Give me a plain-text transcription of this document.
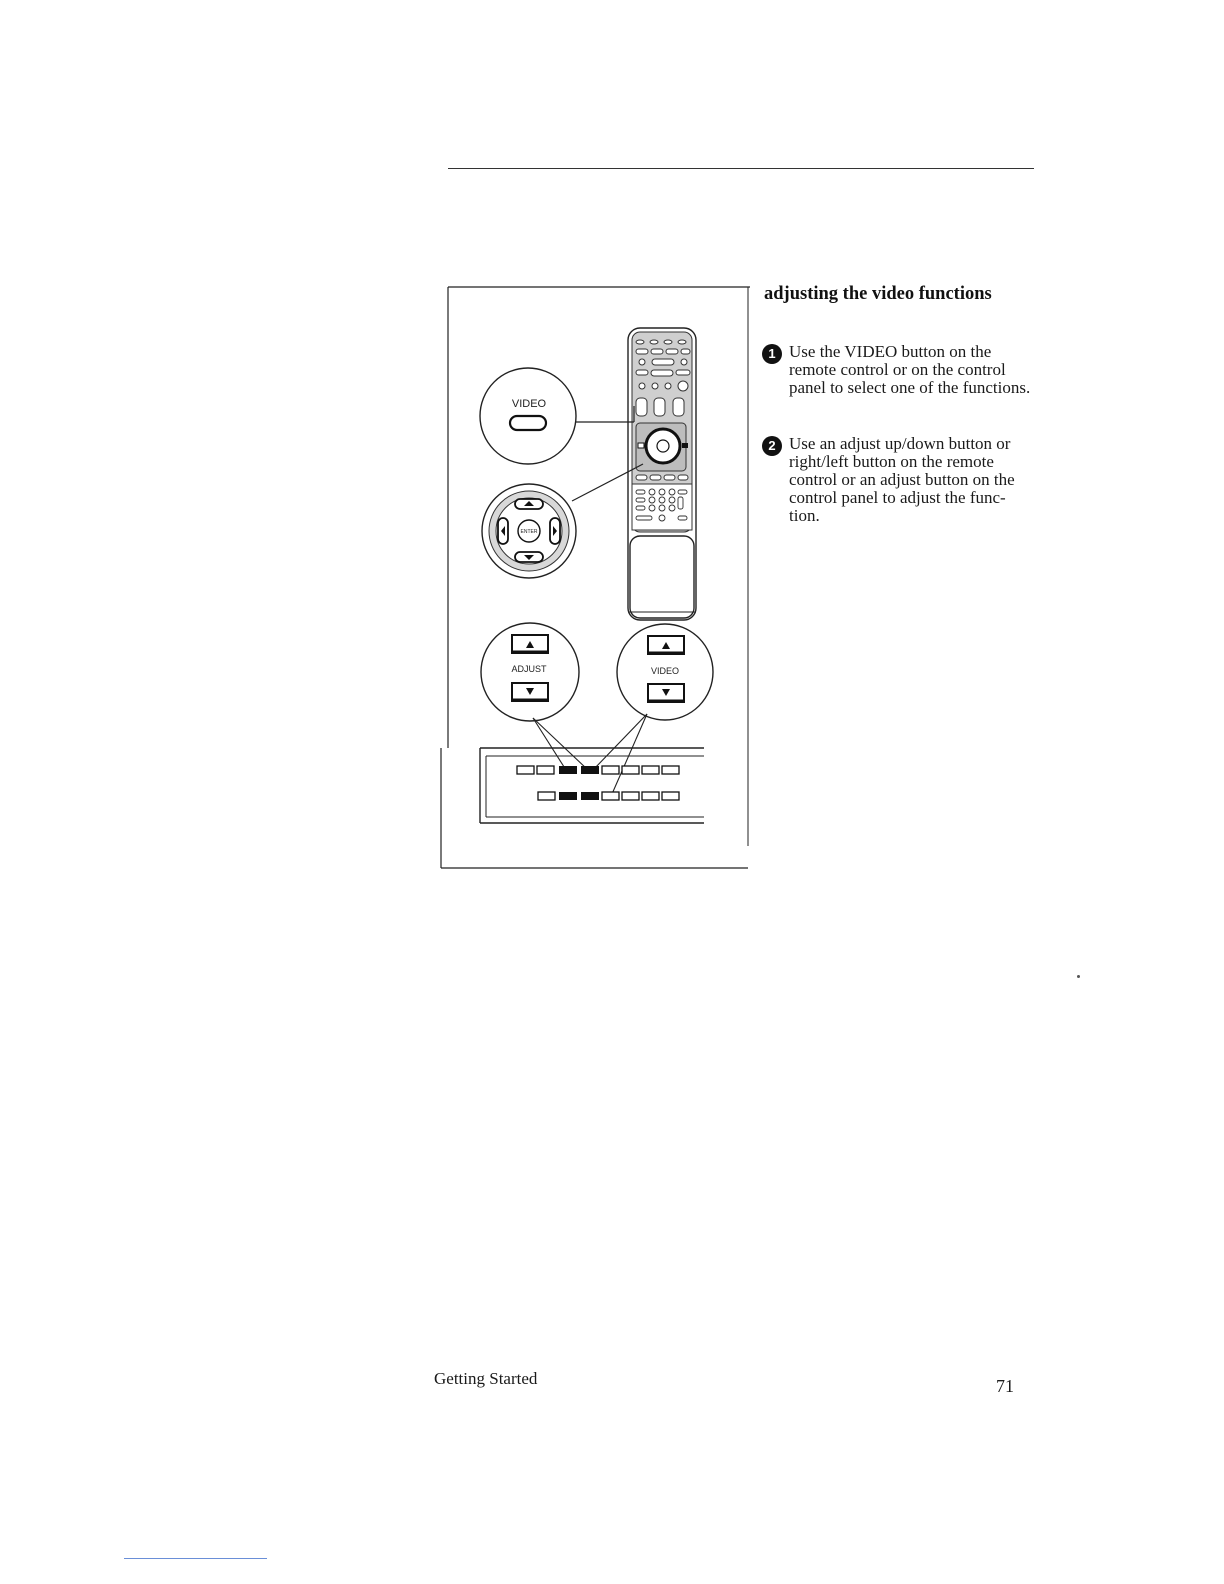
VIDEO
ENTER
ADJUST	VIDEO
adjusting the video functions
1 Use the VIDEO button on the remote control or on the control panel to select one of the functions.

2 Use an adjust up/down button or right/left button on the remote control or an adjust button on the control panel to adjust the func- tion.

Getting Started	71
